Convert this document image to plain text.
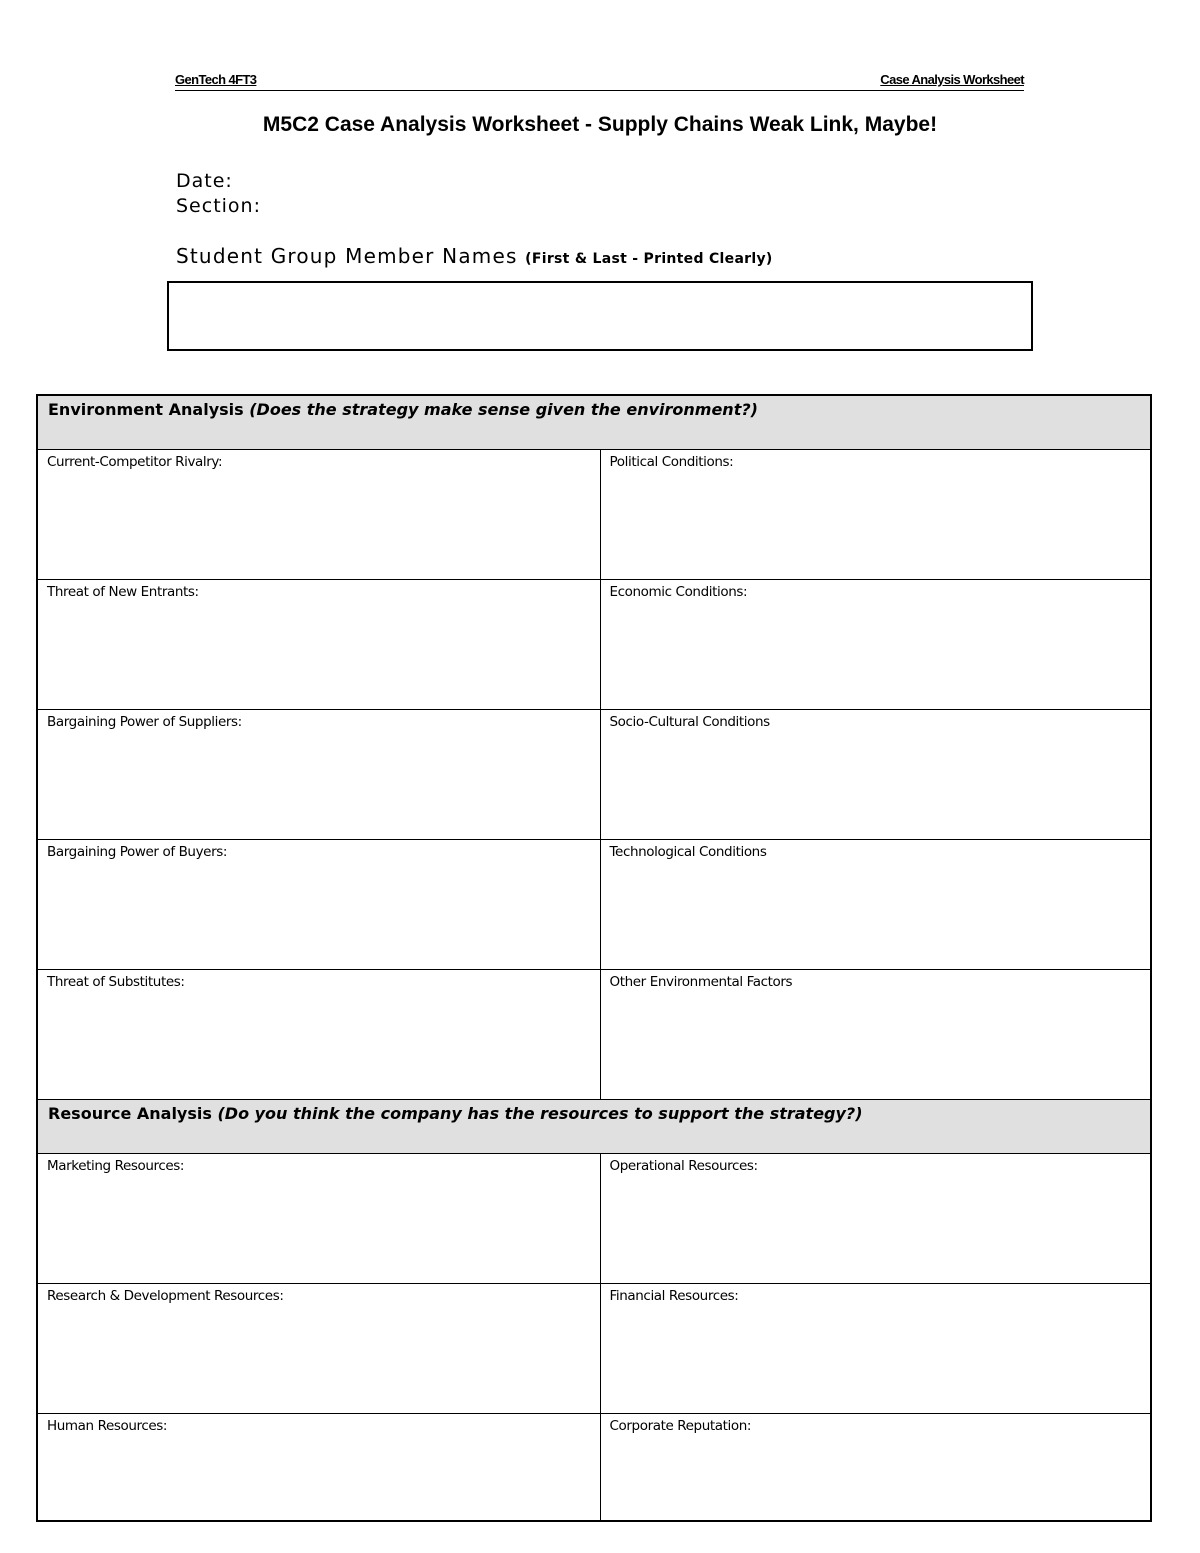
GenTech 4FT3	Case Analysis Worksheet
M5C2 Case Analysis Worksheet - Supply Chains Weak Link, Maybe!
Date:
Section:
Student Group Member Names (First & Last - Printed Clearly)
Environment Analysis (Does the strategy make sense given the environment?)	

Current-Competitor Rivalry:	Political Conditions:

Threat of New Entrants:	Economic Conditions:

Bargaining Power of Suppliers:	Socio-Cultural Conditions

Bargaining Power of Buyers:	Technological Conditions

Threat of Substitutes:	Other Environmental Factors

Resource Analysis (Do you think the company has the resources to support the strategy?)	

Marketing Resources:	Operational Resources:

Research & Development Resources:	Financial Resources:

Human Resources:	Corporate Reputation:
